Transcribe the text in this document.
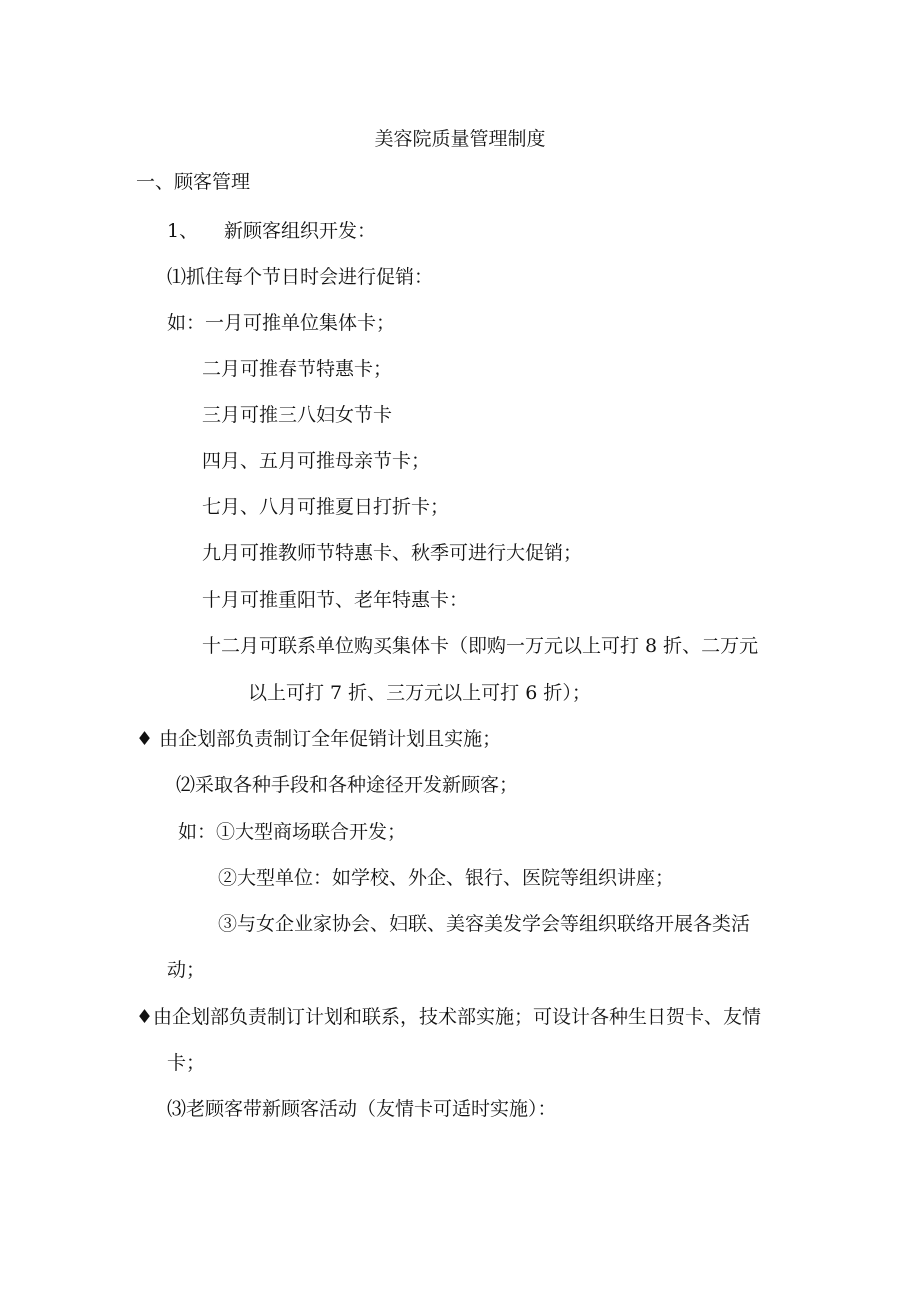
美容院质量管理制度
一、顾客管理
1、 新顾客组织开发：
⑴抓住每个节日时会进行促销：
如：一月可推单位集体卡；
二月可推春节特惠卡；
三月可推三八妇女节卡
四月、五月可推母亲节卡；
七月、八月可推夏日打折卡；
九月可推教师节特惠卡、秋季可进行大促销；
十月可推重阳节、老年特惠卡：
十二月可联系单位购买集体卡（即购一万元以上可打 8 折、二万元
以上可打 7 折、三万元以上可打 6 折）；
♦ 由企划部负责制订全年促销计划且实施；
⑵采取各种手段和各种途径开发新顾客；
如：①大型商场联合开发；
②大型单位：如学校、外企、银行、医院等组织讲座；
③与女企业家协会、妇联、美容美发学会等组织联络开展各类活
动；
♦由企划部负责制订计划和联系，技术部实施；可设计各种生日贺卡、友情
卡；
⑶老顾客带新顾客活动（友情卡可适时实施）：
